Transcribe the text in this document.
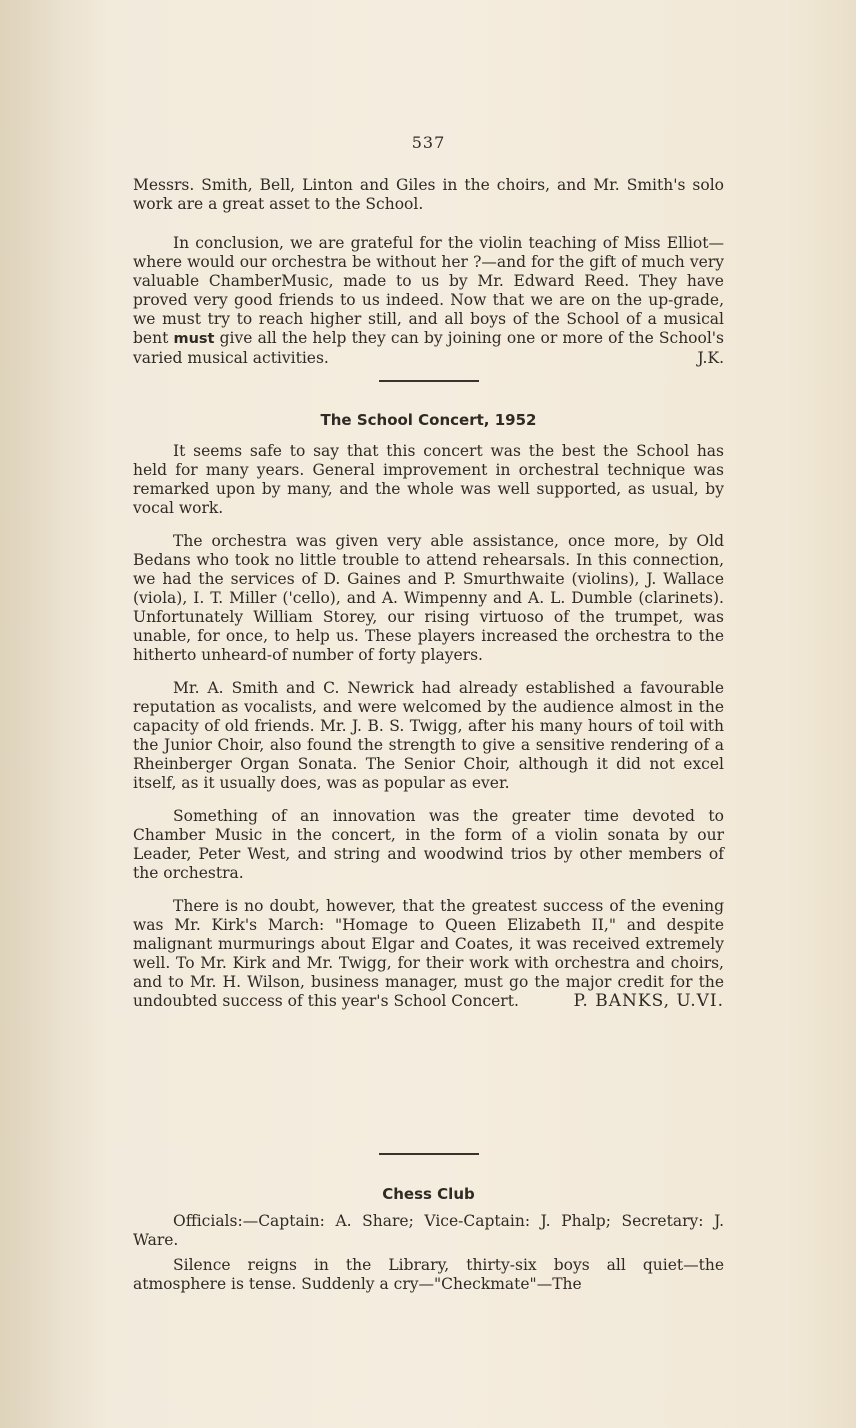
537

Messrs. Smith, Bell, Linton and Giles in the choirs, and Mr. Smith's solo work are a great asset to the School.

In conclusion, we are grateful for the violin teaching of Miss Elliot—where would our orchestra be without her ?—and for the gift of much very valuable ChamberMusic, made to us by Mr. Edward Reed. They have proved very good friends to us indeed. Now that we are on the up-grade, we must try to reach higher still, and all boys of the School of a musical bent must give all the help they can by joining one or more of the School's varied musical activities.	J.K.

The School Concert, 1952

It seems safe to say that this concert was the best the School has held for many years. General improvement in orchestral technique was remarked upon by many, and the whole was well supported, as usual, by vocal work.

The orchestra was given very able assistance, once more, by Old Bedans who took no little trouble to attend rehearsals. In this connection, we had the services of D. Gaines and P. Smurthwaite (violins), J. Wallace (viola), I. T. Miller ('cello), and A. Wimpenny and A. L. Dumble (clarinets). Unfortunately William Storey, our rising virtuoso of the trumpet, was unable, for once, to help us. These players increased the orchestra to the hitherto unheard-of number of forty players.

Mr. A. Smith and C. Newrick had already established a favourable reputation as vocalists, and were welcomed by the audience almost in the capacity of old friends. Mr. J. B. S. Twigg, after his many hours of toil with the Junior Choir, also found the strength to give a sensitive rendering of a Rheinberger Organ Sonata. The Senior Choir, although it did not excel itself, as it usually does, was as popular as ever.

Something of an innovation was the greater time devoted to Chamber Music in the concert, in the form of a violin sonata by our Leader, Peter West, and string and woodwind trios by other members of the orchestra.

There is no doubt, however, that the greatest success of the evening was Mr. Kirk's March: "Homage to Queen Elizabeth II," and despite malignant murmurings about Elgar and Coates, it was received extremely well. To Mr. Kirk and Mr. Twigg, for their work with orchestra and choirs, and to Mr. H. Wilson, business manager, must go the major credit for the undoubted success of this year's School Concert.	P. BANKS, U.VI.

Chess Club

Officials:—Captain: A. Share; Vice-Captain: J. Phalp; Secretary: J. Ware.

Silence reigns in the Library, thirty-six boys all quiet—the atmosphere is tense. Suddenly a cry—"Checkmate"—The
